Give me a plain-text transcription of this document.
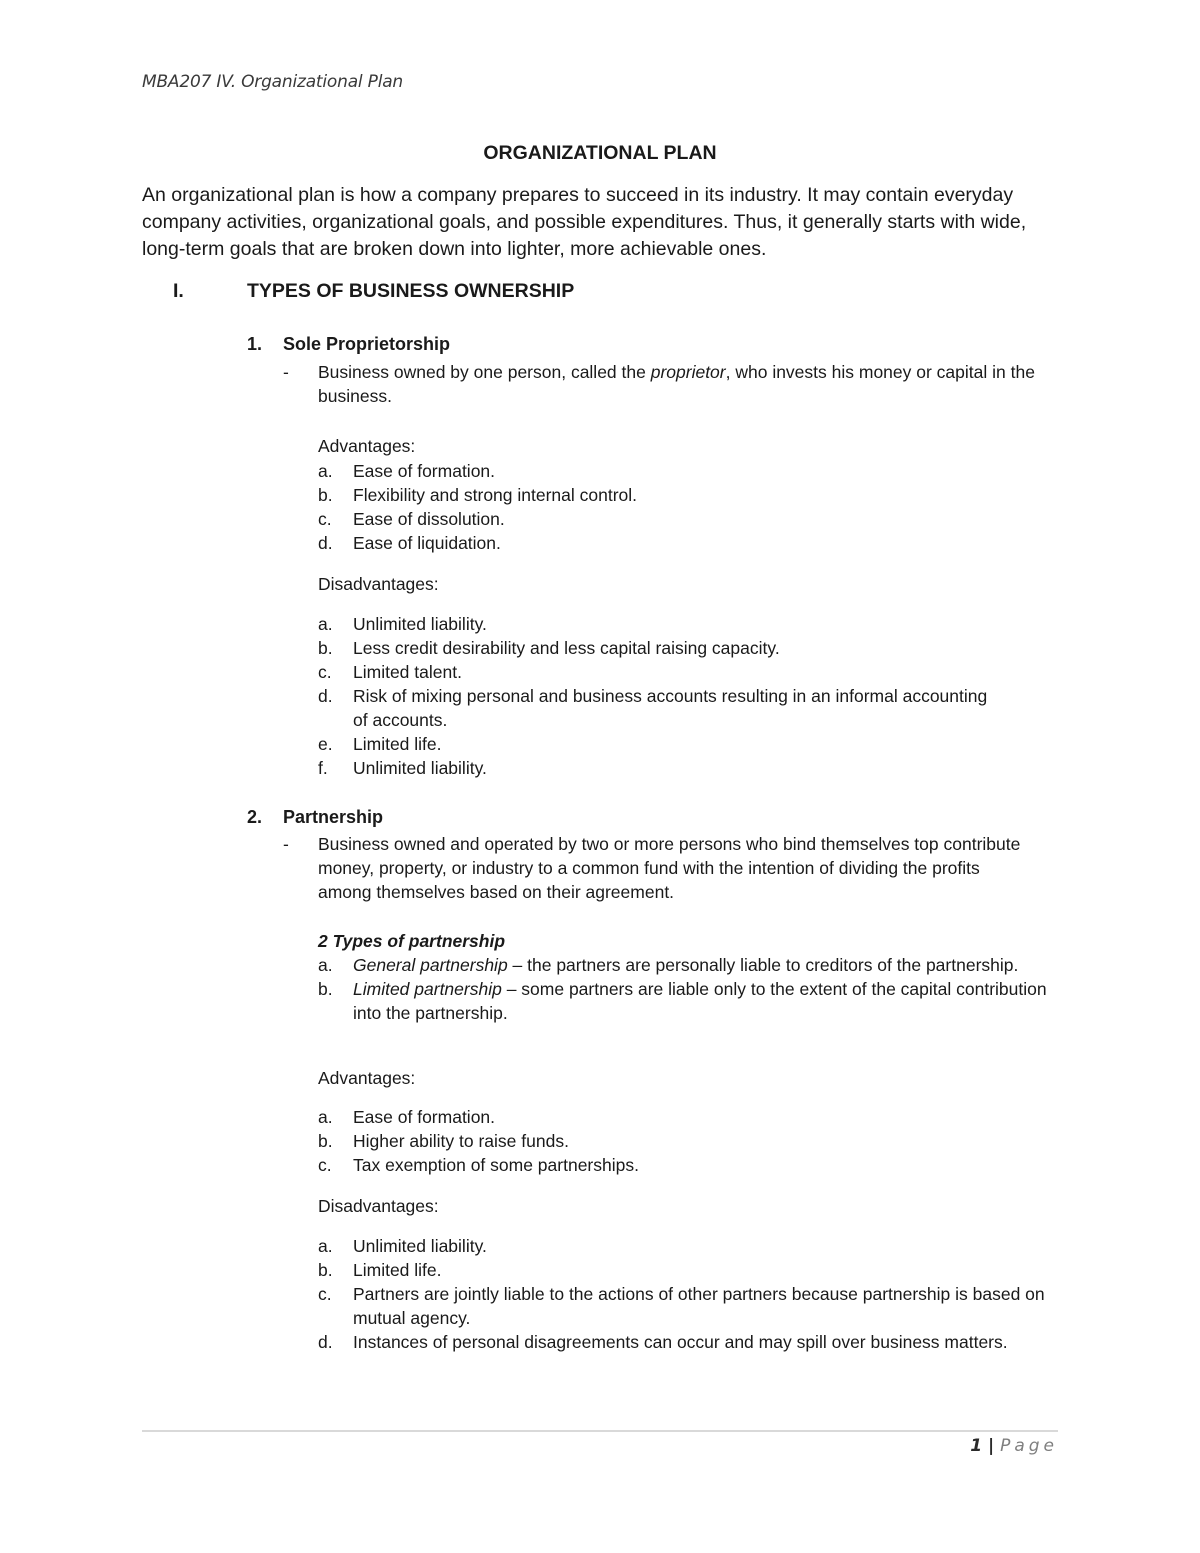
MBA207 IV. Organizational Plan
ORGANIZATIONAL PLAN

An organizational plan is how a company prepares to succeed in its industry. It may contain everyday company activities, organizational goals, and possible expenditures. Thus, it generally starts with wide, long-term goals that are broken down into lighter, more achievable ones.

I.	TYPES OF BUSINESS OWNERSHIP
1. Sole Proprietorship
- Business owned by one person, called the proprietor, who invests his money or capital in the business.

Advantages:
a. Ease of formation.
b. Flexibility and strong internal control.
c. Ease of dissolution.
d. Ease of liquidation.
Disadvantages:
a. Unlimited liability.
b. Less credit desirability and less capital raising capacity.
c. Limited talent.
d. Risk of mixing personal and business accounts resulting in an informal accounting of accounts.
e. Limited life.
f. Unlimited liability.
2. Partnership
- Business owned and operated by two or more persons who bind themselves top contribute money, property, or industry to a common fund with the intention of dividing the profits among themselves based on their agreement.

2 Types of partnership
a. General partnership – the partners are personally liable to creditors of the partnership.
b. Limited partnership – some partners are liable only to the extent of the capital contribution into the partnership.
Advantages:
a. Ease of formation.
b. Higher ability to raise funds.
c. Tax exemption of some partnerships.
Disadvantages:
a. Unlimited liability.
b. Limited life.
c. Partners are jointly liable to the actions of other partners because partnership is based on mutual agency.
d. Instances of personal disagreements can occur and may spill over business matters.
1 | Page
